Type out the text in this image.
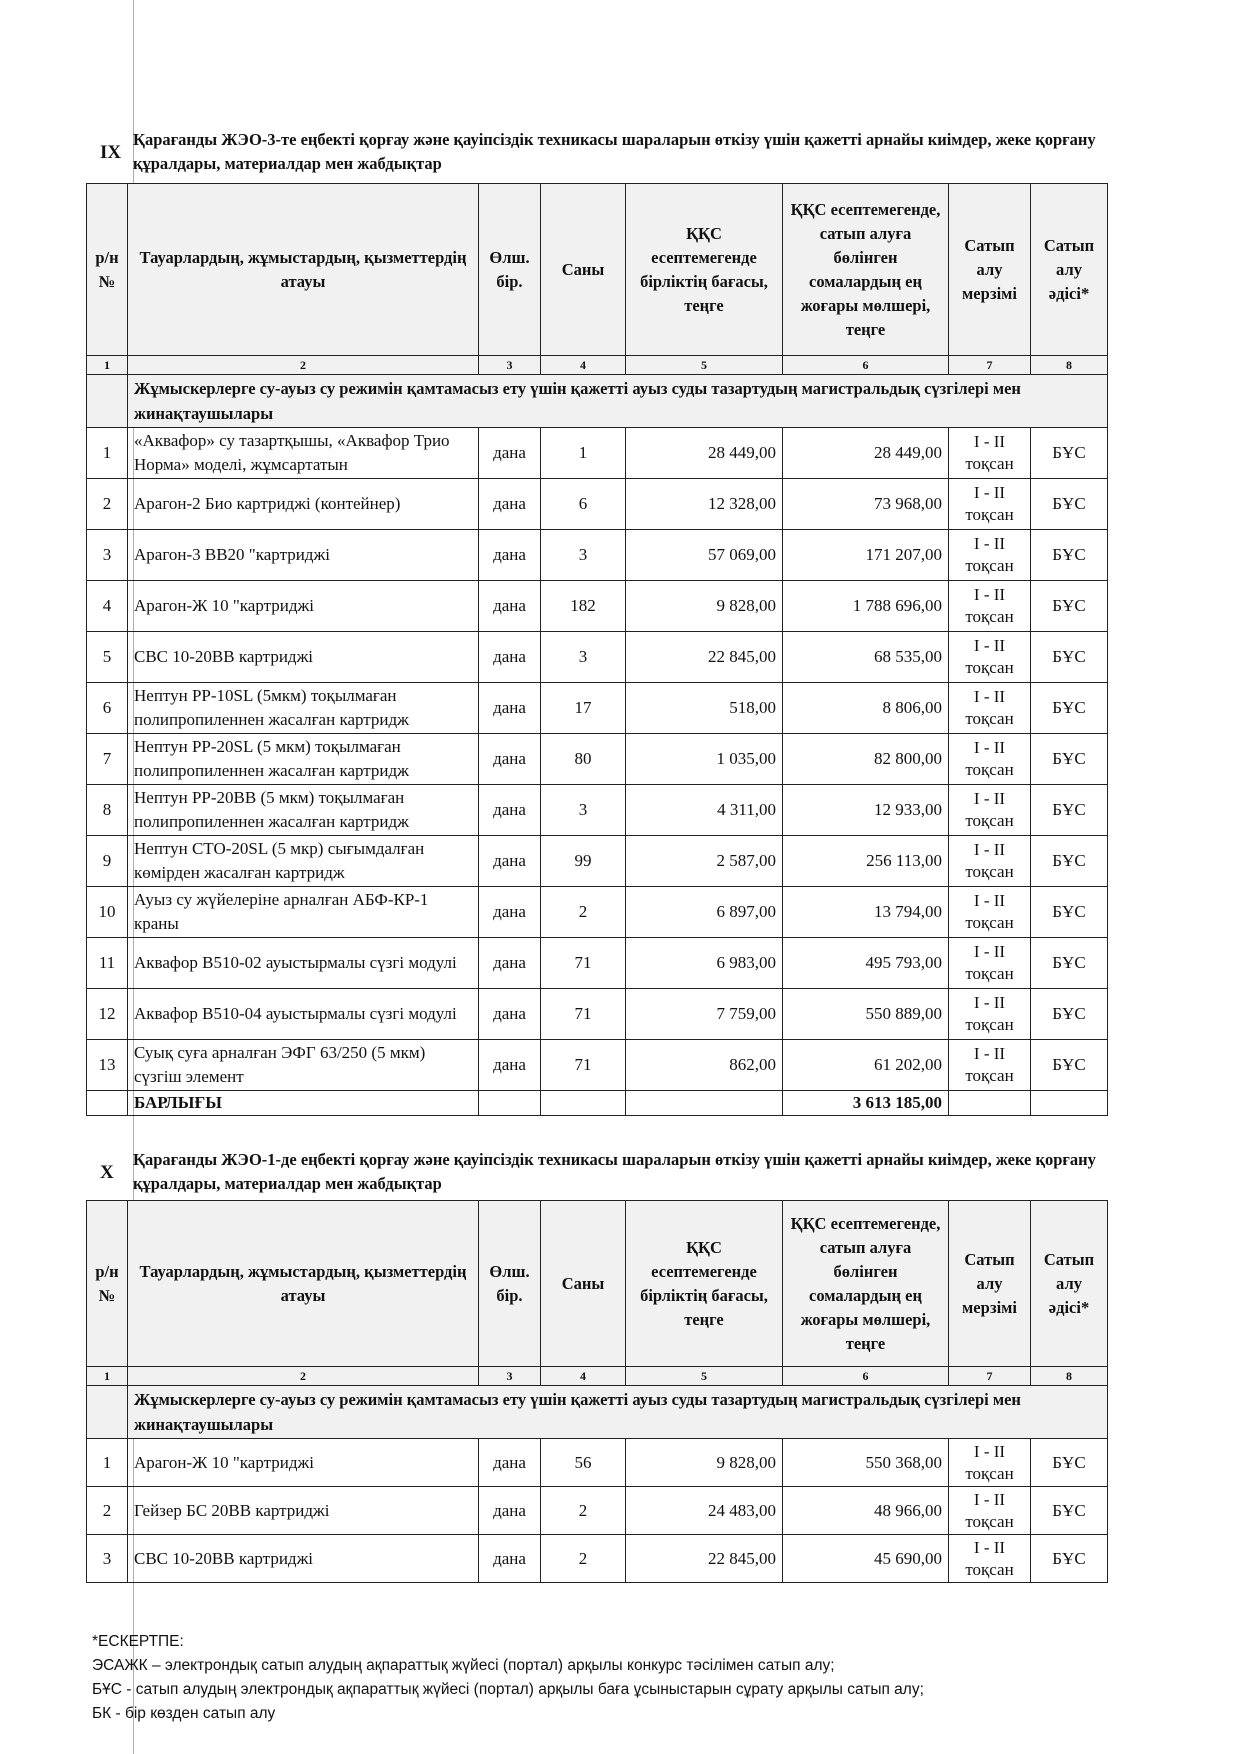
IX
Қарағанды ЖЭО-3-те еңбекті қорғау және қауіпсіздік техникасы шараларын өткізу үшін қажетті арнайы киімдер, жеке қорғану құралдары, материалдар мен жабдықтар
р/н №	Тауарлардың, жұмыстардың, қызметтердің атауы	Өлш. бір.	Саны	ҚҚС есептемегенде бірліктің бағасы, теңге	ҚҚС есептемегенде, сатып алуға бөлінген сомалардың ең жоғары мөлшері, теңге	Сатып алу мерзімі	Сатып алу әдісі*
1	2	3	4	5	6	7	8
	Жұмыскерлерге су-ауыз су режимін қамтамасыз ету үшін қажетті ауыз суды тазартудың магистральдық сүзгілері мен жинақтаушылары						
1	«Аквафор» су тазартқышы, «Аквафор Трио Норма» моделі, жұмсартатын	дана	1	28 449,00	28 449,00	I - II тоқсан	БҰС
2	Арагон-2 Био картриджі (контейнер)	дана	6	12 328,00	73 968,00	I - II тоқсан	БҰС
3	Арагон-3 ВВ20 "картриджі	дана	3	57 069,00	171 207,00	I - II тоқсан	БҰС
4	Арагон-Ж 10 "картриджі	дана	182	9 828,00	1 788 696,00	I - II тоқсан	БҰС
5	СВС 10-20ВВ картриджі	дана	3	22 845,00	68 535,00	I - II тоқсан	БҰС
6	Нептун PP-10SL (5мкм) тоқылмаған полипропиленнен жасалған картридж	дана	17	518,00	8 806,00	I - II тоқсан	БҰС
7	Нептун PP-20SL (5 мкм) тоқылмаған полипропиленнен жасалған картридж	дана	80	1 035,00	82 800,00	I - II тоқсан	БҰС
8	Нептун PP-20BB (5 мкм) тоқылмаған полипропиленнен жасалған картридж	дана	3	4 311,00	12 933,00	I - II тоқсан	БҰС
9	Нептун СТО-20SL (5 мкр) сығымдалған көмірден жасалған картридж	дана	99	2 587,00	256 113,00	I - II тоқсан	БҰС
10	Ауыз су жүйелеріне арналған АБФ-КР-1 краны	дана	2	6 897,00	13 794,00	I - II тоқсан	БҰС
11	Аквафор В510-02 ауыстырмалы сүзгі модулі	дана	71	6 983,00	495 793,00	I - II тоқсан	БҰС
12	Аквафор В510-04 ауыстырмалы сүзгі модулі	дана	71	7 759,00	550 889,00	I - II тоқсан	БҰС
13	Суық суға арналған ЭФГ 63/250 (5 мкм) сүзгіш элемент	дана	71	862,00	61 202,00	I - II тоқсан	БҰС
	БАРЛЫҒЫ				3 613 185,00		
X
Қарағанды ЖЭО-1-де еңбекті қорғау және қауіпсіздік техникасы шараларын өткізу үшін қажетті арнайы киімдер, жеке қорғану құралдары, материалдар мен жабдықтар
р/н №	Тауарлардың, жұмыстардың, қызметтердің атауы	Өлш. бір.	Саны	ҚҚС есептемегенде бірліктің бағасы, теңге	ҚҚС есептемегенде, сатып алуға бөлінген сомалардың ең жоғары мөлшері, теңге	Сатып алу мерзімі	Сатып алу әдісі*
1	2	3	4	5	6	7	8
	Жұмыскерлерге су-ауыз су режимін қамтамасыз ету үшін қажетті ауыз суды тазартудың магистральдық сүзгілері мен жинақтаушылары						
1	Арагон-Ж 10 "картриджі	дана	56	9 828,00	550 368,00	I - II тоқсан	БҰС
2	Гейзер БС 20ВВ картриджі	дана	2	24 483,00	48 966,00	I - II тоқсан	БҰС
3	СВС 10-20ВВ картриджі	дана	2	22 845,00	45 690,00	I - II тоқсан	БҰС
*ЕСКЕРТПЕ:
ЭСАЖК – электрондық сатып алудың ақпараттық жүйесі (портал) арқылы конкурс тәсілімен сатып алу;
БҰС - сатып алудың электрондық ақпараттық жүйесі (портал) арқылы баға ұсыныстарын сұрату арқылы сатып алу;
БК - бір көзден сатып алу
